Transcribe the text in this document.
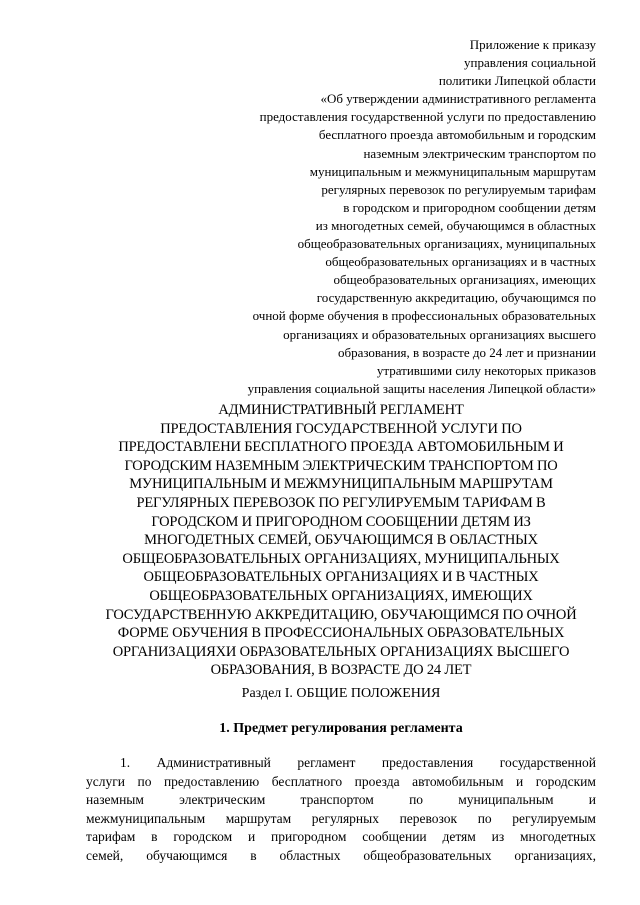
Приложение к приказу
управления социальной
политики Липецкой области
«Об утверждении административного регламента
предоставления государственной услуги по предоставлению
бесплатного проезда автомобильным и городским
наземным электрическим транспортом по
муниципальным и межмуниципальным маршрутам
регулярных перевозок по регулируемым тарифам
в городском и пригородном сообщении детям
из многодетных семей, обучающимся в областных
общеобразовательных организациях, муниципальных
общеобразовательных организациях и в частных
общеобразовательных организациях, имеющих
государственную аккредитацию, обучающимся по
очной форме обучения в профессиональных образовательных
организациях и образовательных организациях высшего
образования, в возрасте до 24 лет и признании
утратившими силу некоторых приказов
управления социальной защиты населения Липецкой области»
АДМИНИСТРАТИВНЫЙ РЕГЛАМЕНТ
ПРЕДОСТАВЛЕНИЯ ГОСУДАРСТВЕННОЙ УСЛУГИ ПО
ПРЕДОСТАВЛЕНИ БЕСПЛАТНОГО ПРОЕЗДА АВТОМОБИЛЬНЫМ И
ГОРОДСКИМ НАЗЕМНЫМ ЭЛЕКТРИЧЕСКИМ ТРАНСПОРТОМ ПО
МУНИЦИПАЛЬНЫМ И МЕЖМУНИЦИПАЛЬНЫМ МАРШРУТАМ
РЕГУЛЯРНЫХ ПЕРЕВОЗОК ПО РЕГУЛИРУЕМЫМ ТАРИФАМ В
ГОРОДСКОМ И ПРИГОРОДНОМ СООБЩЕНИИ ДЕТЯМ ИЗ
МНОГОДЕТНЫХ СЕМЕЙ, ОБУЧАЮЩИМСЯ В ОБЛАСТНЫХ
ОБЩЕОБРАЗОВАТЕЛЬНЫХ ОРГАНИЗАЦИЯХ, МУНИЦИПАЛЬНЫХ
ОБЩЕОБРАЗОВАТЕЛЬНЫХ ОРГАНИЗАЦИЯХ И В ЧАСТНЫХ
ОБЩЕОБРАЗОВАТЕЛЬНЫХ ОРГАНИЗАЦИЯХ, ИМЕЮЩИХ
ГОСУДАРСТВЕННУЮ АККРЕДИТАЦИЮ, ОБУЧАЮЩИМСЯ ПО ОЧНОЙ
ФОРМЕ ОБУЧЕНИЯ В ПРОФЕССИОНАЛЬНЫХ ОБРАЗОВАТЕЛЬНЫХ
ОРГАНИЗАЦИЯХИ ОБРАЗОВАТЕЛЬНЫХ ОРГАНИЗАЦИЯХ ВЫСШЕГО
ОБРАЗОВАНИЯ, В ВОЗРАСТЕ ДО 24 ЛЕТ
Раздел I. ОБЩИЕ ПОЛОЖЕНИЯ
1. Предмет регулирования регламента
1. Административный регламент предоставления государственной
услуги по предоставлению бесплатного проезда автомобильным и городским
наземным	электрическим	транспортом	по	муниципальным	и
межмуниципальным маршрутам регулярных перевозок по регулируемым
тарифам в городском и пригородном сообщении детям из многодетных
семей, обучающимся в областных общеобразовательных организациях,
